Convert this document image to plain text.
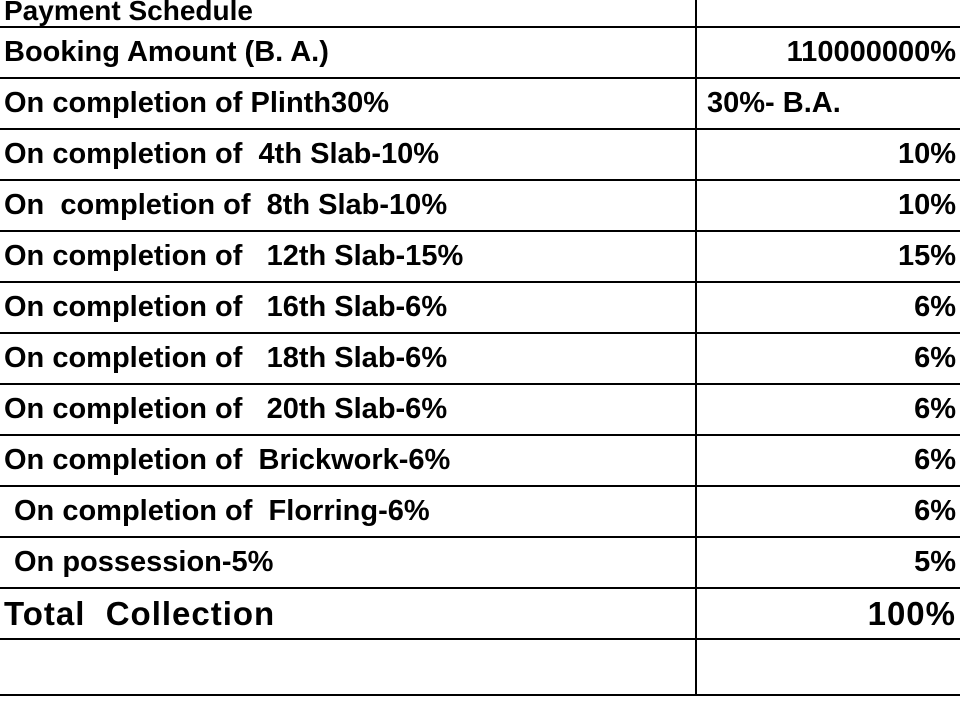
Payment Schedule	
Booking Amount (B. A.)	110000000%
On completion of Plinth30%	30%- B.A.
On completion of  4th Slab-10%	10%
On  completion of  8th Slab-10%	10%
On completion of   12th Slab-15%	15%
On completion of   16th Slab-6%	6%
On completion of   18th Slab-6%	6%
On completion of   20th Slab-6%	6%
On completion of  Brickwork-6%	6%
On completion of  Florring-6%	6%
On possession-5%	5%
Total  Collection	100%
